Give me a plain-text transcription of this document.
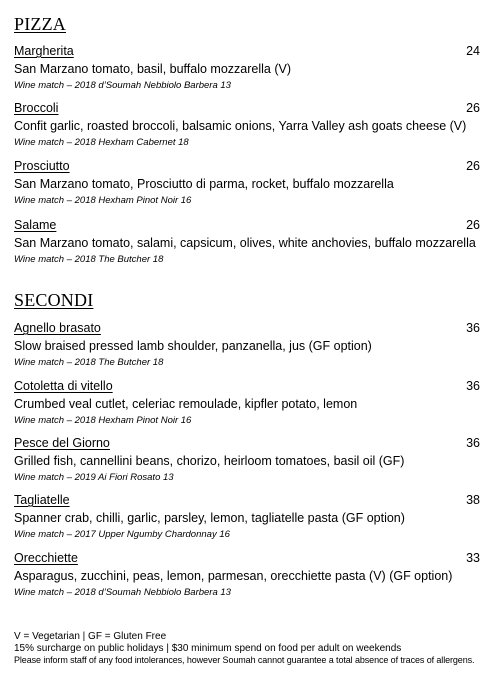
PIZZA
Margherita	24
San Marzano tomato, basil, buffalo mozzarella (V)
Wine match – 2018 d’Soumah Nebbiolo Barbera 13
Broccoli	26
Confit garlic, roasted broccoli, balsamic onions, Yarra Valley ash goats cheese (V)
Wine match – 2018 Hexham Cabernet 18
Prosciutto	26
San Marzano tomato, Prosciutto di parma, rocket, buffalo mozzarella
Wine match – 2018 Hexham Pinot Noir 16
Salame	26
San Marzano tomato, salami, capsicum, olives, white anchovies, buffalo mozzarella
Wine match – 2018 The Butcher 18
SECONDI
Agnello brasato	36
Slow braised pressed lamb shoulder, panzanella, jus (GF option)
Wine match – 2018 The Butcher 18
Cotoletta di vitello	36
Crumbed veal cutlet, celeriac remoulade, kipfler potato, lemon
Wine match – 2018 Hexham Pinot Noir 16
Pesce del Giorno	36
Grilled fish, cannellini beans, chorizo, heirloom tomatoes, basil oil (GF)
Wine match – 2019 Ai Fiori Rosato 13
Tagliatelle	38
Spanner crab, chilli, garlic, parsley, lemon, tagliatelle pasta (GF option)
Wine match – 2017 Upper Ngumby Chardonnay 16
Orecchiette	33
Asparagus, zucchini, peas, lemon, parmesan, orecchiette pasta (V) (GF option)
Wine match – 2018 d’Soumah Nebbiolo Barbera 13
V = Vegetarian | GF = Gluten Free
15% surcharge on public holidays | $30 minimum spend on food per adult on weekends
Please inform staff of any food intolerances, however Soumah cannot guarantee a total absence of traces of allergens.
